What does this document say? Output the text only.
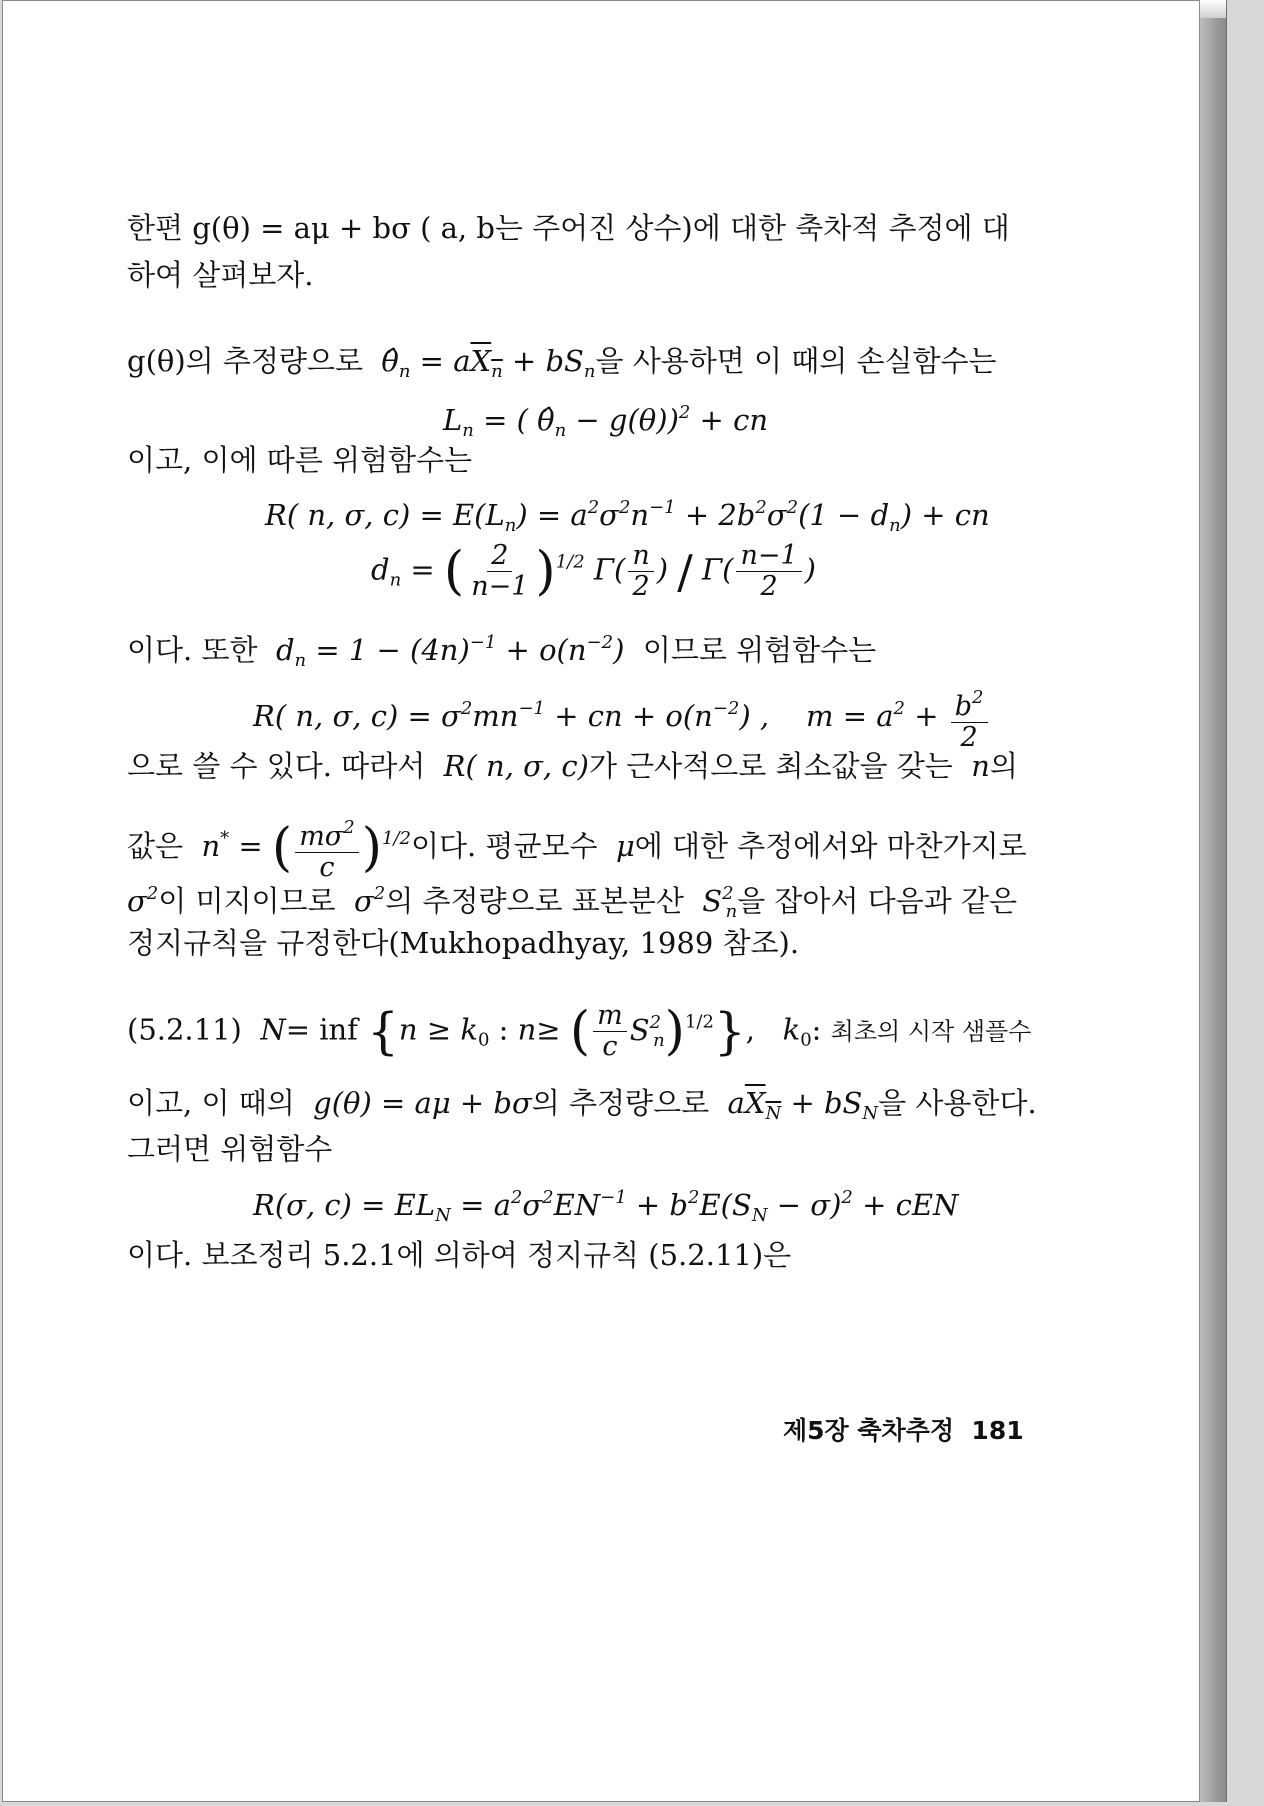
한편 g(θ) = aμ + bσ ( a, b는 주어진 상수)에 대한 축차적 추정에 대
하여 살펴보자.
g(θ)의 추정량으로 $\thetâ_n = aX_n + bS_n$을 사용하면 이 때의 손실함수는
$L_n$ = ( $\thetâ_n - g(\theta))^2$ + cn
이고, 이에 따른 위험함수는
R( n, σ, $c) = E(L_n) = a^2\sigma^2n^{-1} + 2b^2\sigma^2(1 - d_n)$ + cn
$d_n$ = ( $\frac{2}{n-1} )^{1/2}$ $\Gamma( \frac{n}{2}$ ) / $\Gamma( \frac{n-1}{2}$ )
이다. 또한 $d_n = 1 - (4n)^{-1} + o(n^{-2})$ 이므로 위험함수는
R( n, σ, $c) = \sigma^2mn^{-1}$ + cn + $o(n^{-2})$ ,    $m = a^2 + \frac{b^2}{2}$
으로 쓸 수 있다. 따라서 R( n, σ, c)가 근사적으로 최소값을 갖는 n의
값은 n* = ( $\frac{m\sigma^2}{c} )^{1/2}$이다. 평균모수 μ에 대한 추정에서와 마찬가지로
$\sigma^2$이 미지이므로 $\sigma^2$의 추정량으로 표본분산 $S^2_n$을 잡아서 다음과 같은
정지규칙을 규정한다(Mukhopadhyay, 1989 참조).
(5.2.11) N= inf {$n \ge k_0$ : n≥ ( $\frac{m}{c} S^2_n)^{1/2}$},   $k_0$: 최초의 시작 샘플수
이고, 이 때의 g(θ) = aμ + bσ의 추정량으로 $aX_N + bS_N$을 사용한다.
그러면 위험함수
R(σ, $c) = EL_N = a^2\sigma^2EN^{-1} + b^2E(S_N - \sigma)^2$ + cEN
이다. 보조정리 5.2.1에 의하여 정지규칙 (5.2.11)은
제5장 축차추정 181
